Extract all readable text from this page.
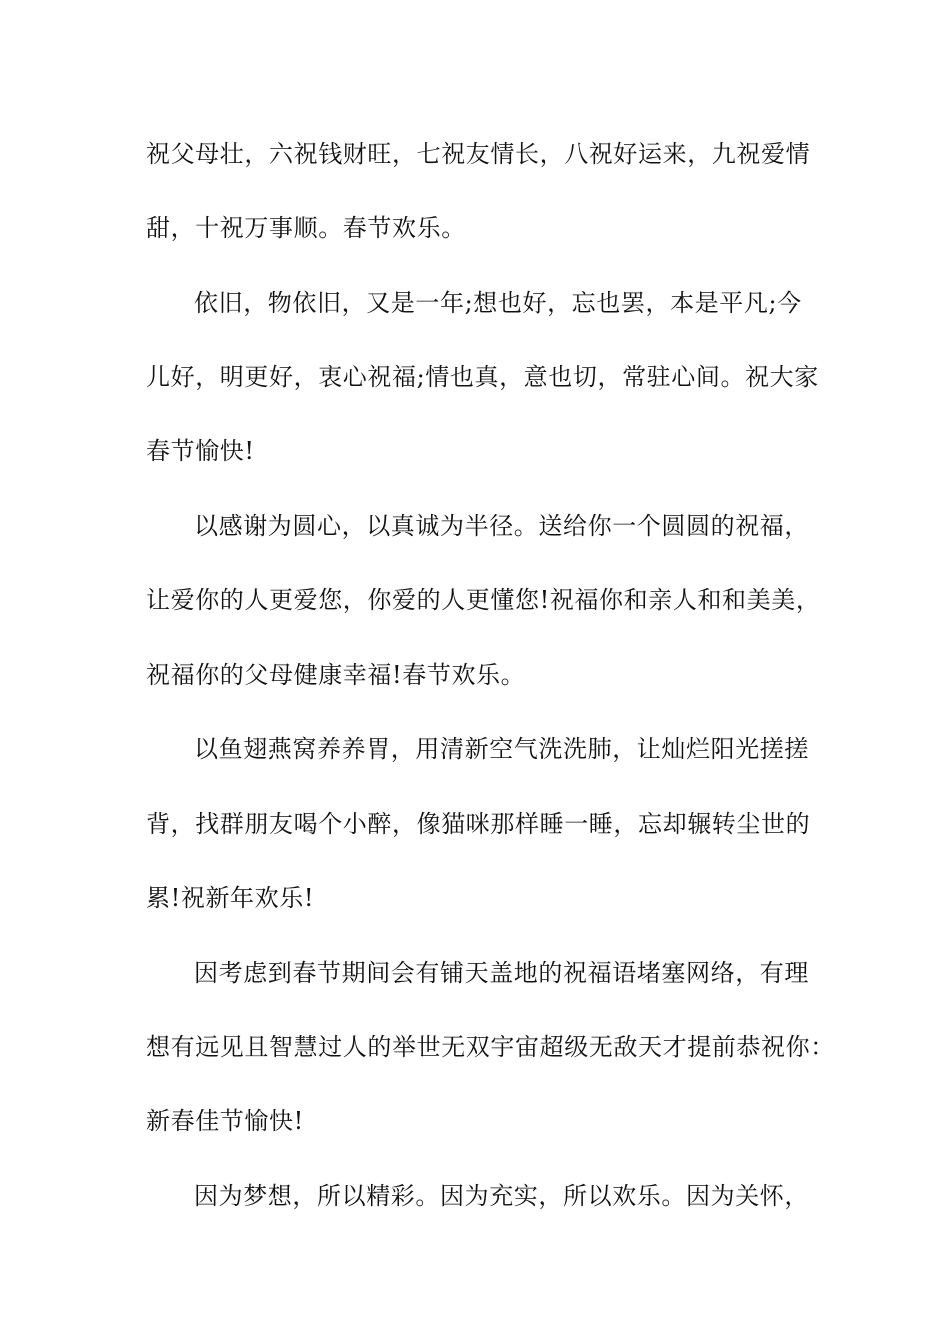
祝父母壮，六祝钱财旺，七祝友情长，八祝好运来，九祝爱情
甜，十祝万事顺。春节欢乐。
依旧，物依旧，又是一年;想也好，忘也罢，本是平凡;今
儿好，明更好，衷心祝福;情也真，意也切，常驻心间。祝大家
春节愉快!
以感谢为圆心，以真诚为半径。送给你一个圆圆的祝福，
让爱你的人更爱您，你爱的人更懂您!祝福你和亲人和和美美，
祝福你的父母健康幸福!春节欢乐。
以鱼翅燕窝养养胃，用清新空气洗洗肺，让灿烂阳光搓搓
背，找群朋友喝个小醉，像猫咪那样睡一睡，忘却辗转尘世的
累!祝新年欢乐!
因考虑到春节期间会有铺天盖地的祝福语堵塞网络，有理
想有远见且智慧过人的举世无双宇宙超级无敌天才提前恭祝你：
新春佳节愉快!
因为梦想，所以精彩。因为充实，所以欢乐。因为关怀，
